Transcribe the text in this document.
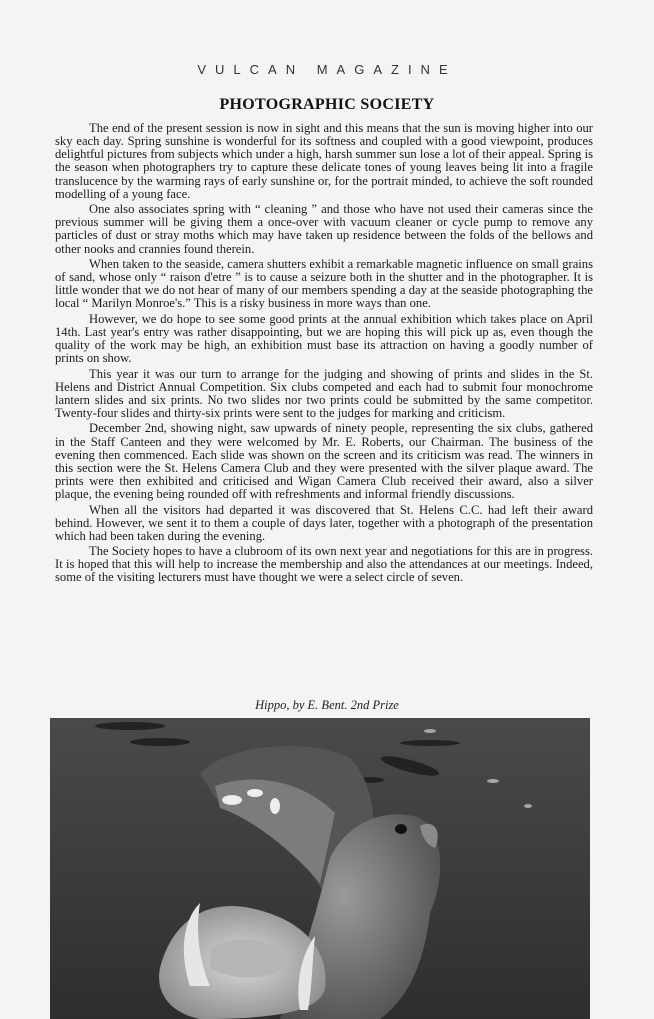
VULCAN MAGAZINE
PHOTOGRAPHIC SOCIETY

The end of the present session is now in sight and this means that the sun is moving higher into our sky each day. Spring sunshine is wonderful for its softness and coupled with a good viewpoint, produces delightful pictures from subjects which under a high, harsh summer sun lose a lot of their appeal. Spring is the season when photographers try to capture these delicate tones of young leaves being lit into a fragile translucence by the warming rays of early sunshine or, for the portrait minded, to achieve the soft rounded modelling of a young face.

One also associates spring with “ cleaning ” and those who have not used their cameras since the previous summer will be giving them a once-over with vacuum cleaner or cycle pump to remove any particles of dust or stray moths which may have taken up residence between the folds of the bellows and other nooks and crannies found therein.

When taken to the seaside, camera shutters exhibit a remarkable magnetic influence on small grains of sand, whose only “ raison d'etre ” is to cause a seizure both in the shutter and in the photographer. It is little wonder that we do not hear of many of our members spending a day at the seaside photographing the local “ Marilyn Monroe's.” This is a risky business in more ways than one.

However, we do hope to see some good prints at the annual exhibition which takes place on April 14th. Last year's entry was rather disappointing, but we are hoping this will pick up as, even though the quality of the work may be high, an exhibition must base its attraction on having a goodly number of prints on show.

This year it was our turn to arrange for the judging and showing of prints and slides in the St. Helens and District Annual Competition. Six clubs competed and each had to submit four monochrome lantern slides and six prints. No two slides nor two prints could be submitted by the same competitor. Twenty-four slides and thirty-six prints were sent to the judges for marking and criticism.

December 2nd, showing night, saw upwards of ninety people, representing the six clubs, gathered in the Staff Canteen and they were welcomed by Mr. E. Roberts, our Chairman. The business of the evening then commenced. Each slide was shown on the screen and its criticism was read. The winners in this section were the St. Helens Camera Club and they were presented with the silver plaque award. The prints were then exhibited and criticised and Wigan Camera Club received their award, also a silver plaque, the evening being rounded off with refreshments and informal friendly discussions.

When all the visitors had departed it was discovered that St. Helens C.C. had left their award behind. However, we sent it to them a couple of days later, together with a photograph of the presentation which had been taken during the evening.

The Society hopes to have a clubroom of its own next year and negotiations for this are in progress. It is hoped that this will help to increase the membership and also the attendances at our meetings. Indeed, some of the visiting lecturers must have thought we were a select circle of seven.

Hippo, by E. Bent. 2nd Prize
